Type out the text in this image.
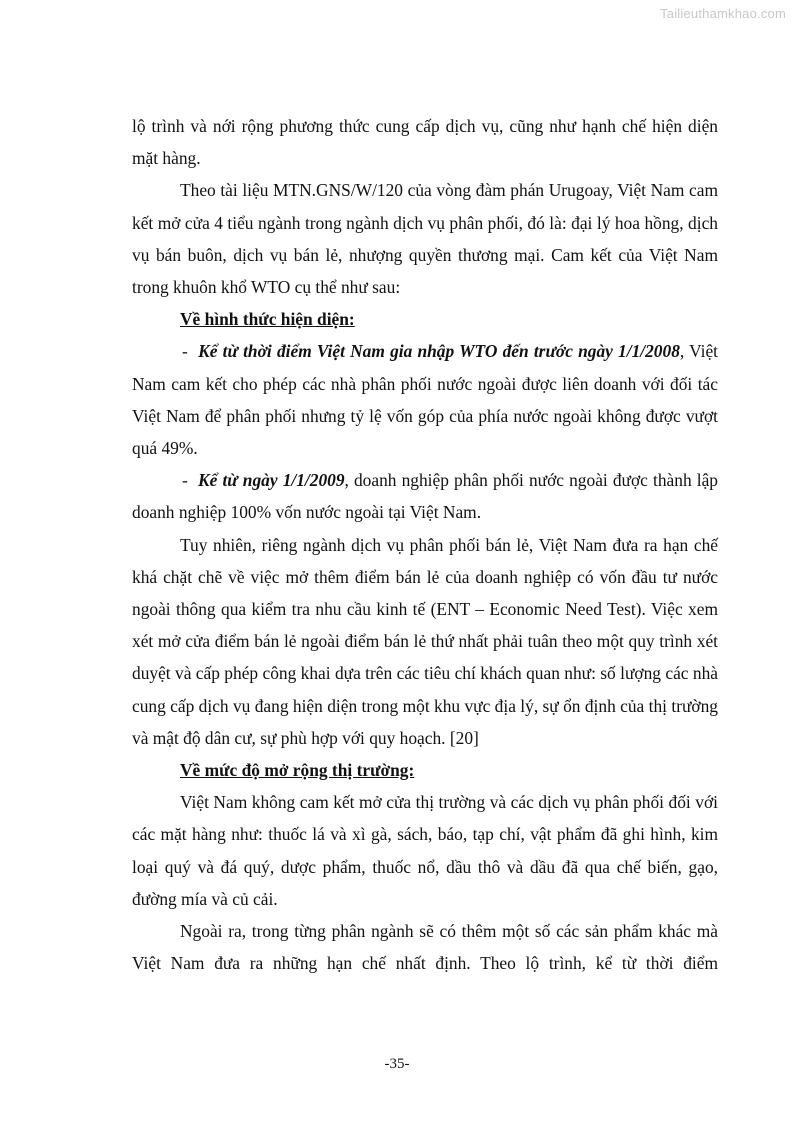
Tailieuthamkhao.com

lộ trình và nới rộng phương thức cung cấp dịch vụ, cũng như hạnh chế hiện diện mặt hàng.

Theo tài liệu MTN.GNS/W/120 của vòng đàm phán Urugoay, Việt Nam cam kết mở cửa 4 tiểu ngành trong ngành dịch vụ phân phối, đó là: đại lý hoa hồng, dịch vụ bán buôn, dịch vụ bán lẻ, nhượng quyền thương mại. Cam kết của Việt Nam trong khuôn khổ WTO cụ thể như sau:

Về hình thức hiện diện:

- Kể từ thời điểm Việt Nam gia nhập WTO đến trước ngày 1/1/2008, Việt Nam cam kết cho phép các nhà phân phối nước ngoài được liên doanh với đối tác Việt Nam để phân phối nhưng tỷ lệ vốn góp của phía nước ngoài không được vượt quá 49%.

- Kể từ ngày 1/1/2009, doanh nghiệp phân phối nước ngoài được thành lập doanh nghiệp 100% vốn nước ngoài tại Việt Nam.

Tuy nhiên, riêng ngành dịch vụ phân phối bán lẻ, Việt Nam đưa ra hạn chế khá chặt chẽ về việc mở thêm điểm bán lẻ của doanh nghiệp có vốn đầu tư nước ngoài thông qua kiểm tra nhu cầu kinh tế (ENT – Economic Need Test). Việc xem xét mở cửa điểm bán lẻ ngoài điểm bán lẻ thứ nhất phải tuân theo một quy trình xét duyệt và cấp phép công khai dựa trên các tiêu chí khách quan như: số lượng các nhà cung cấp dịch vụ đang hiện diện trong một khu vực địa lý, sự ổn định của thị trường và mật độ dân cư, sự phù hợp với quy hoạch. [20]

Về mức độ mở rộng thị trường:

Việt Nam không cam kết mở cửa thị trường và các dịch vụ phân phối đối với các mặt hàng như: thuốc lá và xì gà, sách, báo, tạp chí, vật phẩm đã ghi hình, kim loại quý và đá quý, dược phẩm, thuốc nổ, dầu thô và dầu đã qua chế biến, gạo, đường mía và củ cải.

Ngoài ra, trong từng phân ngành sẽ có thêm một số các sản phẩm khác mà Việt Nam đưa ra những hạn chế nhất định. Theo lộ trình, kể từ thời điểm

-35-
